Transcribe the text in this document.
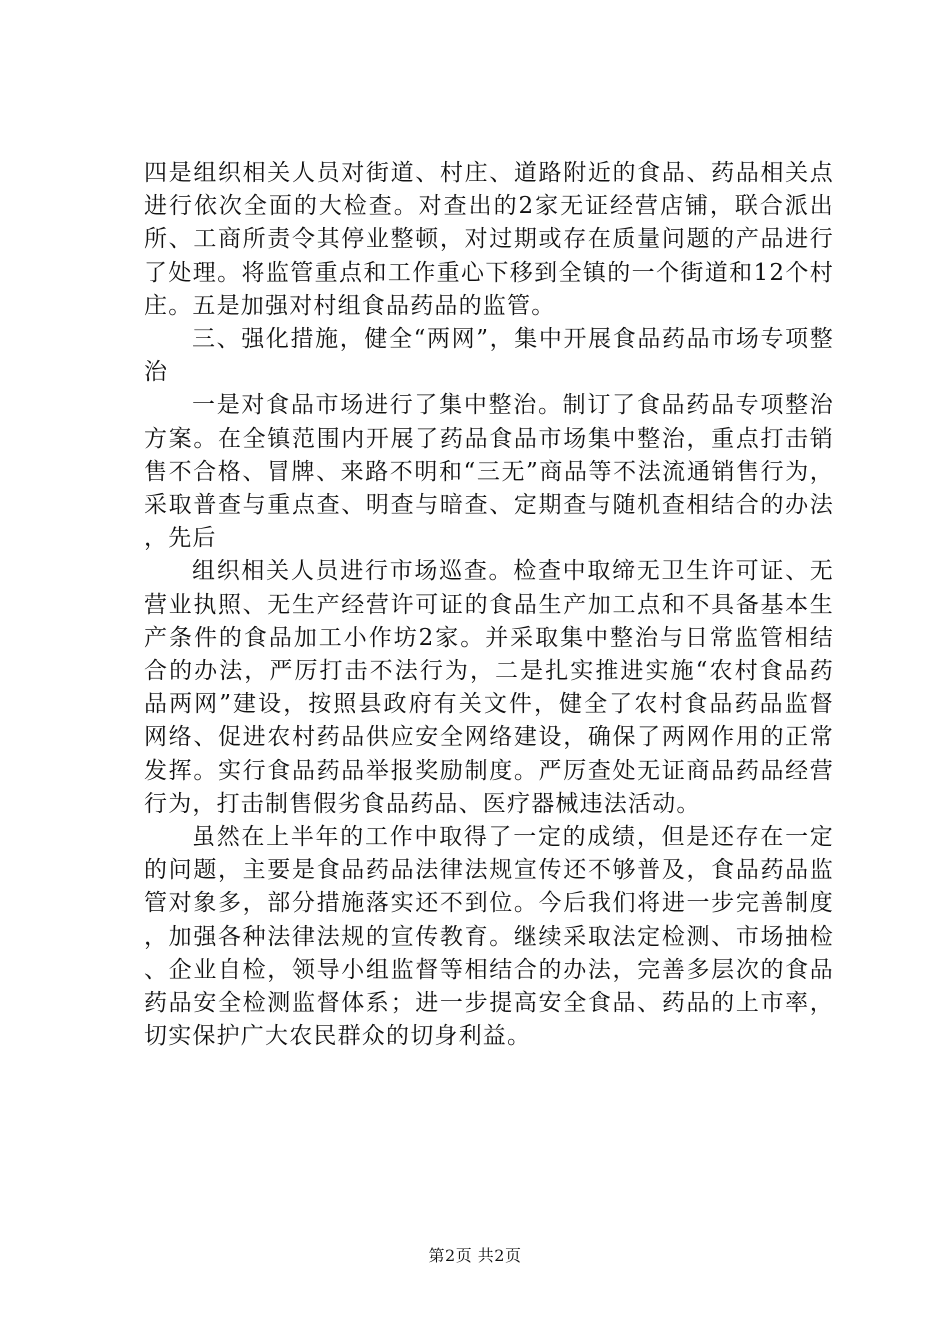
四是组织相关人员对街道、村庄、道路附近的食品、药品相关点进行依次全面的大检查。对查出的2家无证经营店铺，联合派出所、工商所责令其停业整顿，对过期或存在质量问题的产品进行了处理。将监管重点和工作重心下移到全镇的一个街道和12个村庄。五是加强对村组食品药品的监管。

三、强化措施，健全“两网”，集中开展食品药品市场专项整治

一是对食品市场进行了集中整治。制订了食品药品专项整治方案。在全镇范围内开展了药品食品市场集中整治，重点打击销售不合格、冒牌、来路不明和“三无”商品等不法流通销售行为，采取普查与重点查、明查与暗查、定期查与随机查相结合的办法，先后

组织相关人员进行市场巡查。检查中取缔无卫生许可证、无营业执照、无生产经营许可证的食品生产加工点和不具备基本生产条件的食品加工小作坊2家。并采取集中整治与日常监管相结合的办法，严厉打击不法行为，二是扎实推进实施“农村食品药品两网”建设，按照县政府有关文件，健全了农村食品药品监督网络、促进农村药品供应安全网络建设，确保了两网作用的正常发挥。实行食品药品举报奖励制度。严厉查处无证商品药品经营行为，打击制售假劣食品药品、医疗器械违法活动。

虽然在上半年的工作中取得了一定的成绩，但是还存在一定的问题，主要是食品药品法律法规宣传还不够普及，食品药品监管对象多，部分措施落实还不到位。今后我们将进一步完善制度，加强各种法律法规的宣传教育。继续采取法定检测、市场抽检、企业自检，领导小组监督等相结合的办法，完善多层次的食品药品安全检测监督体系；进一步提高安全食品、药品的上市率，切实保护广大农民群众的切身利益。

第2页 共2页
